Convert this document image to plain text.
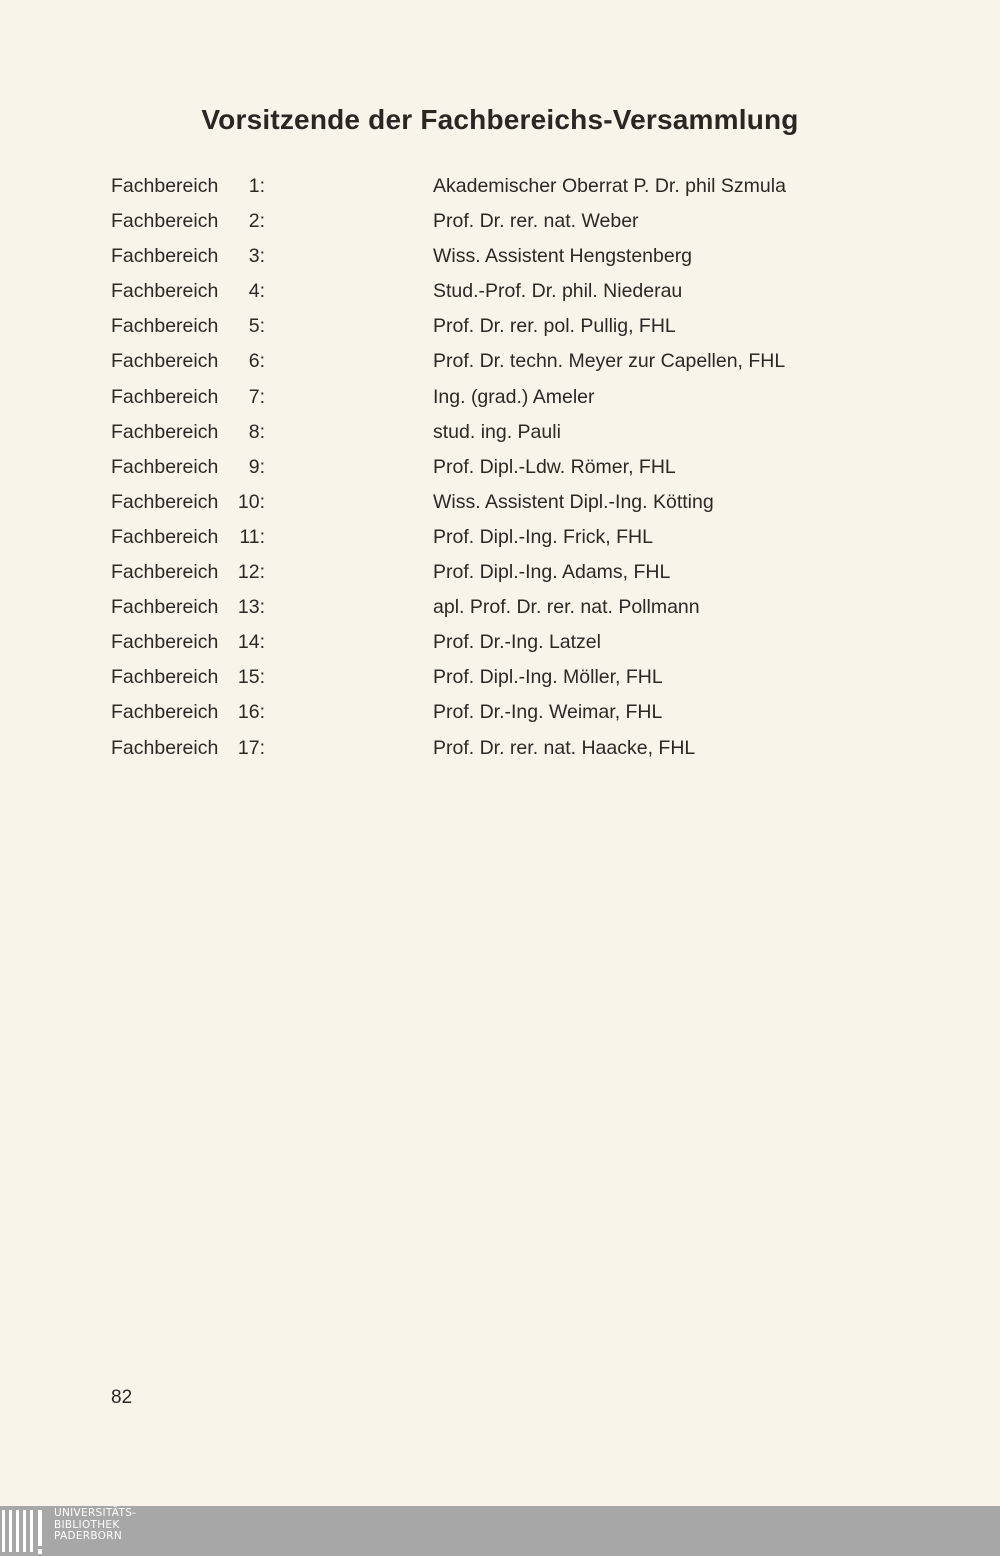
Vorsitzende der Fachbereichs-Versammlung
Fachbereich	1:	Akademischer Oberrat P. Dr. phil Szmula
Fachbereich	2:	Prof. Dr. rer. nat. Weber
Fachbereich	3:	Wiss. Assistent Hengstenberg
Fachbereich	4:	Stud.-Prof. Dr. phil. Niederau
Fachbereich	5:	Prof. Dr. rer. pol. Pullig, FHL
Fachbereich	6:	Prof. Dr. techn. Meyer zur Capellen, FHL
Fachbereich	7:	Ing. (grad.) Ameler
Fachbereich	8:	stud. ing. Pauli
Fachbereich	9:	Prof. Dipl.-Ldw. Römer, FHL
Fachbereich	10:	Wiss. Assistent Dipl.-Ing. Kötting
Fachbereich	11:	Prof. Dipl.-Ing. Frick, FHL
Fachbereich	12:	Prof. Dipl.-Ing. Adams, FHL
Fachbereich	13:	apl. Prof. Dr. rer. nat. Pollmann
Fachbereich	14:	Prof. Dr.-Ing. Latzel
Fachbereich	15:	Prof. Dipl.-Ing. Möller, FHL
Fachbereich	16:	Prof. Dr.-Ing. Weimar, FHL
Fachbereich	17:	Prof. Dr. rer. nat. Haacke, FHL
82
UNIVERSITÄTS-
BIBLIOTHEK
PADERBORN
